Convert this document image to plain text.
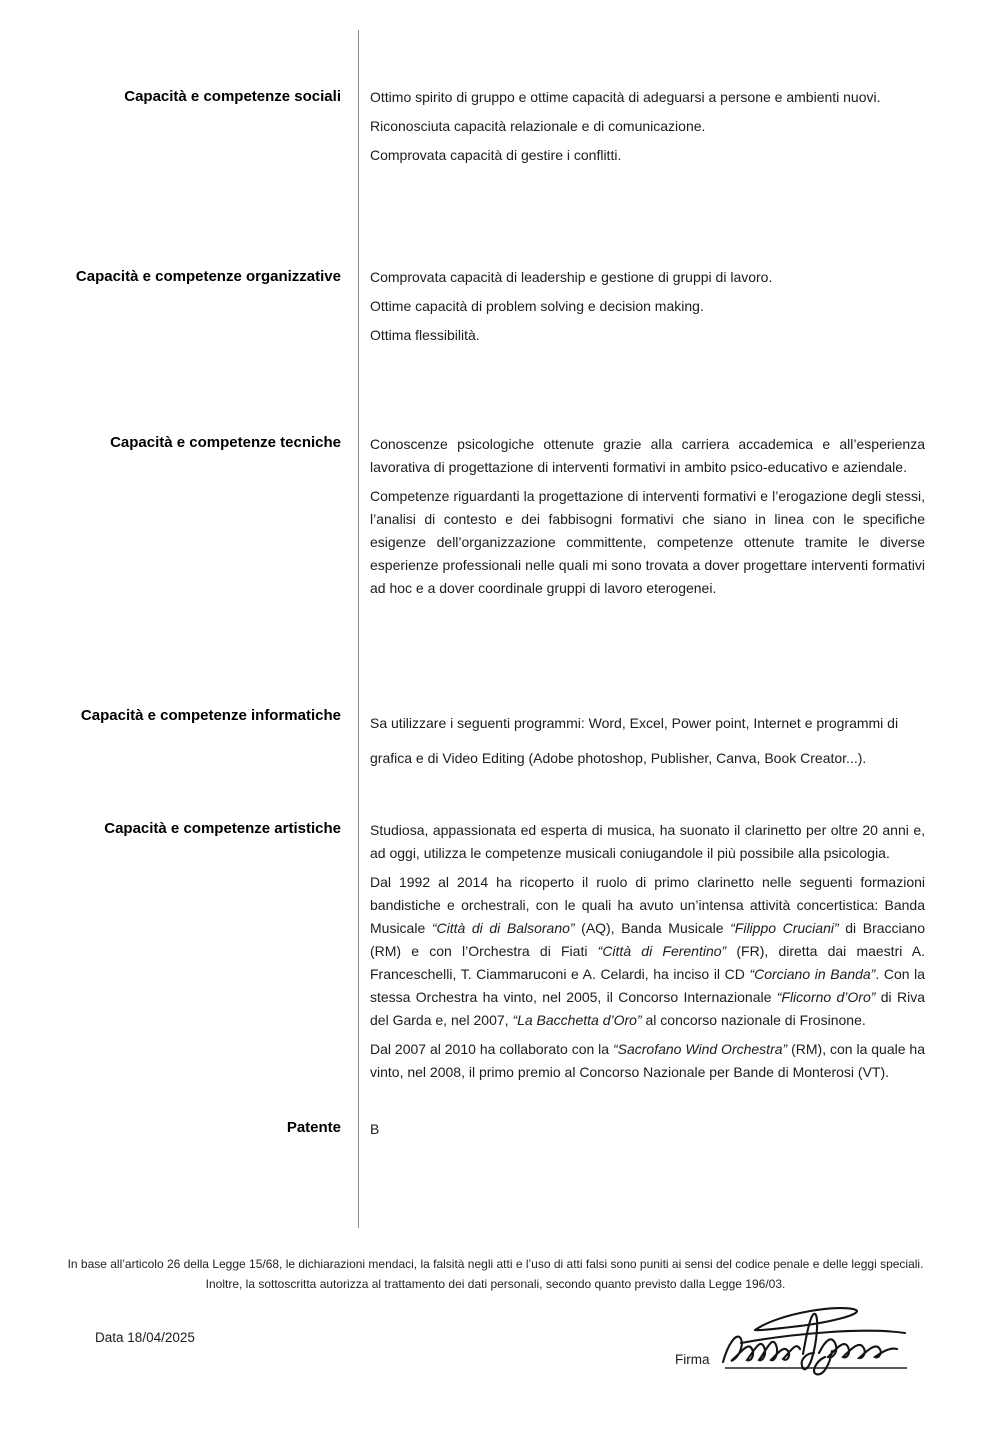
Capacità e competenze sociali	Ottimo spirito di gruppo e ottime capacità di adeguarsi a persone e ambienti nuovi.

Riconosciuta capacità relazionale e di comunicazione.

Comprovata capacità di gestire i conflitti.

Capacità e competenze organizzative	Comprovata capacità di leadership e gestione di gruppi di lavoro.

Ottime capacità di problem solving e decision making.

Ottima flessibilità.

Capacità e competenze tecniche	Conoscenze psicologiche ottenute grazie alla carriera accademica e all’esperienza lavorativa di progettazione di interventi formativi in ambito psico-educativo e aziendale.

Competenze riguardanti la progettazione di interventi formativi e l’erogazione degli stessi, l’analisi di contesto e dei fabbisogni formativi che siano in linea con le specifiche esigenze dell’organizzazione committente, competenze ottenute tramite le diverse esperienze professionali nelle quali mi sono trovata a dover progettare interventi formativi ad hoc e a dover coordinale gruppi di lavoro eterogenei.

Capacità e competenze informatiche	Sa utilizzare i seguenti programmi: Word, Excel, Power point, Internet e programmi di grafica e di Video Editing (Adobe photoshop, Publisher, Canva, Book Creator...).

Capacità e competenze artistiche	Studiosa, appassionata ed esperta di musica, ha suonato il clarinetto per oltre 20 anni e, ad oggi, utilizza le competenze musicali coniugandole il più possibile alla psicologia.

Dal 1992 al 2014 ha ricoperto il ruolo di primo clarinetto nelle seguenti formazioni bandistiche e orchestrali, con le quali ha avuto un’intensa attività concertistica: Banda Musicale “Città di di Balsorano” (AQ), Banda Musicale “Filippo Cruciani” di Bracciano (RM) e con l’Orchestra di Fiati “Città di Ferentino” (FR), diretta dai maestri A. Franceschelli, T. Ciammaruconi e A. Celardi, ha inciso il CD “Corciano in Banda”. Con la stessa Orchestra ha vinto, nel 2005, il Concorso Internazionale “Flicorno d’Oro” di Riva del Garda e, nel 2007, “La Bacchetta d’Oro” al concorso nazionale di Frosinone.

Dal 2007 al 2010 ha collaborato con la “Sacrofano Wind Orchestra” (RM), con la quale ha vinto, nel 2008, il primo premio al Concorso Nazionale per Bande di Monterosi (VT).

Patente	B

In base all’articolo 26 della Legge 15/68, le dichiarazioni mendaci, la falsità negli atti e l’uso di atti falsi sono puniti ai sensi del codice penale e delle leggi speciali. Inoltre, la sottoscritta autorizza al trattamento dei dati personali, secondo quanto previsto dalla Legge 196/03.
Data 18/04/2025
Firma
